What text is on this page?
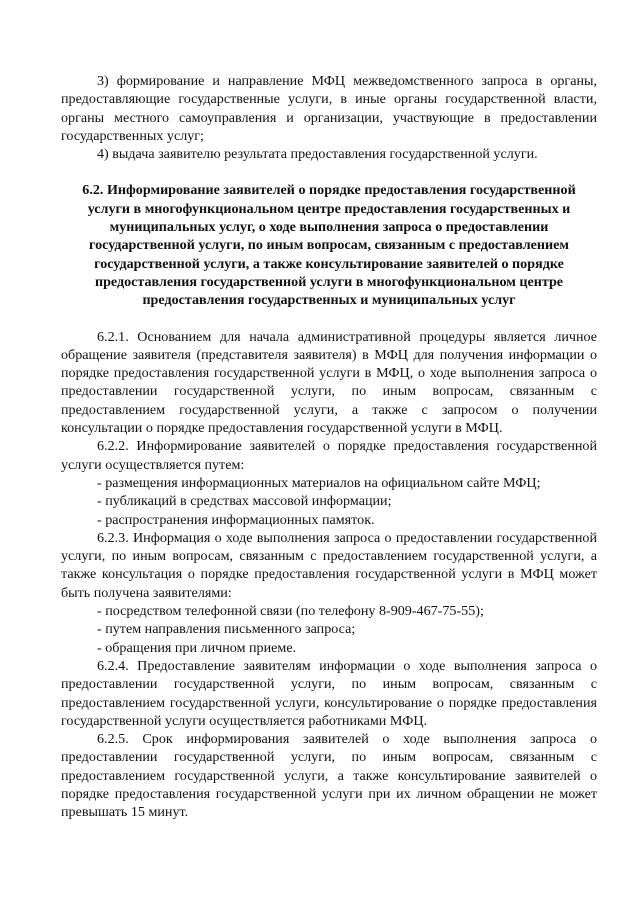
3) формирование и направление МФЦ межведомственного запроса в органы, предоставляющие государственные услуги, в иные органы государственной власти, органы местного самоуправления и организации, участвующие в предоставлении государственных услуг;

4) выдача заявителю результата предоставления государственной услуги.

6.2. Информирование заявителей о порядке предоставления государственной услуги в многофункциональном центре предоставления государственных и муниципальных услуг, о ходе выполнения запроса о предоставлении государственной услуги, по иным вопросам, связанным с предоставлением государственной услуги, а также консультирование заявителей о порядке предоставления государственной услуги в многофункциональном центре предоставления государственных и муниципальных услуг

6.2.1. Основанием для начала административной процедуры является личное обращение заявителя (представителя заявителя) в МФЦ для получения информации о порядке предоставления государственной услуги в МФЦ, о ходе выполнения запроса о предоставлении государственной услуги, по иным вопросам, связанным с предоставлением государственной услуги, а также с запросом о получении консультации о порядке предоставления государственной услуги в МФЦ.

6.2.2. Информирование заявителей о порядке предоставления государственной услуги осуществляется путем:

- размещения информационных материалов на официальном сайте МФЦ;

- публикаций в средствах массовой информации;

- распространения информационных памяток.

6.2.3. Информация о ходе выполнения запроса о предоставлении государственной услуги, по иным вопросам, связанным с предоставлением государственной услуги, а также консультация о порядке предоставления государственной услуги в МФЦ может быть получена заявителями:

- посредством телефонной связи (по телефону 8-909-467-75-55);

- путем направления письменного запроса;

- обращения при личном приеме.

6.2.4. Предоставление заявителям информации о ходе выполнения запроса о предоставлении государственной услуги, по иным вопросам, связанным с предоставлением государственной услуги, консультирование о порядке предоставления государственной услуги осуществляется работниками МФЦ.

6.2.5. Срок информирования заявителей о ходе выполнения запроса о предоставлении государственной услуги, по иным вопросам, связанным с предоставлением государственной услуги, а также консультирование заявителей о порядке предоставления государственной услуги при их личном обращении не может превышать 15 минут.
